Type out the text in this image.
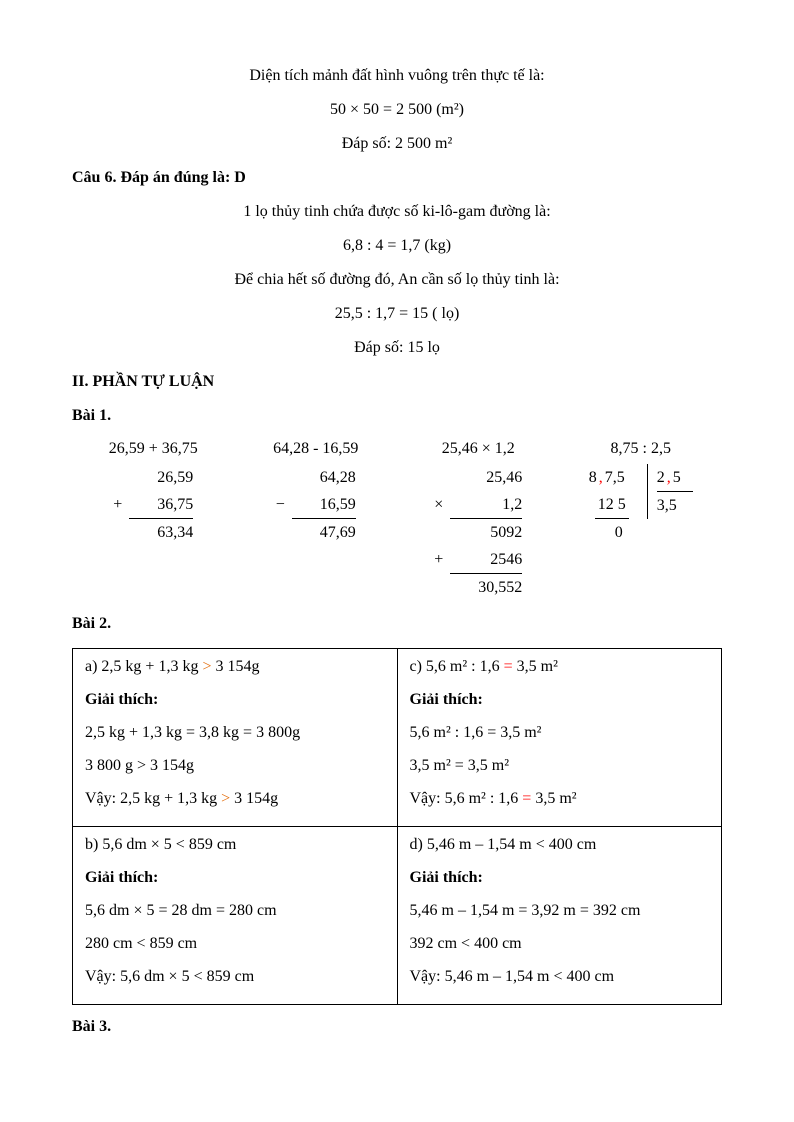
Diện tích mảnh đất hình vuông trên thực tế là:

50 × 50 = 2 500 (m²)

Đáp số: 2 500 m²

Câu 6. Đáp án đúng là: D

1 lọ thủy tinh chứa được số ki-lô-gam đường là:

6,8 : 4 = 1,7 (kg)

Để chia hết số đường đó, An cần số lọ thủy tinh là:

25,5 : 1,7 = 15 ( lọ)

Đáp số: 15 lọ

II. PHẦN TỰ LUẬN

Bài 1.

26,59 + 36,75	64,28 - 16,59	25,46 × 1,2	8,75 : 2,5
26,59
+	36,75
63,34
64,28
−	16,59
47,69
25,46
×	1,2
5092
+	2546
30,552
8 , 7,5
12 5
0
2 , 5
3,5

Bài 2.

a) 2,5 kg + 1,3 kg > 3 154g

Giải thích:

2,5 kg + 1,3 kg = 3,8 kg = 3 800g

3 800 g > 3 154g

Vậy: 2,5 kg + 1,3 kg > 3 154g

c) 5,6 m² : 1,6 = 3,5 m²

Giải thích:

5,6 m² : 1,6 = 3,5 m²

3,5 m² = 3,5 m²

Vậy: 5,6 m² : 1,6 = 3,5 m²

b) 5,6 dm × 5 < 859 cm

Giải thích:

5,6 dm × 5 = 28 dm = 280 cm

280 cm < 859 cm

Vậy: 5,6 dm × 5 < 859 cm

d) 5,46 m – 1,54 m < 400 cm

Giải thích:

5,46 m – 1,54 m = 3,92 m = 392 cm

392 cm < 400 cm

Vậy: 5,46 m – 1,54 m < 400 cm

Bài 3.
